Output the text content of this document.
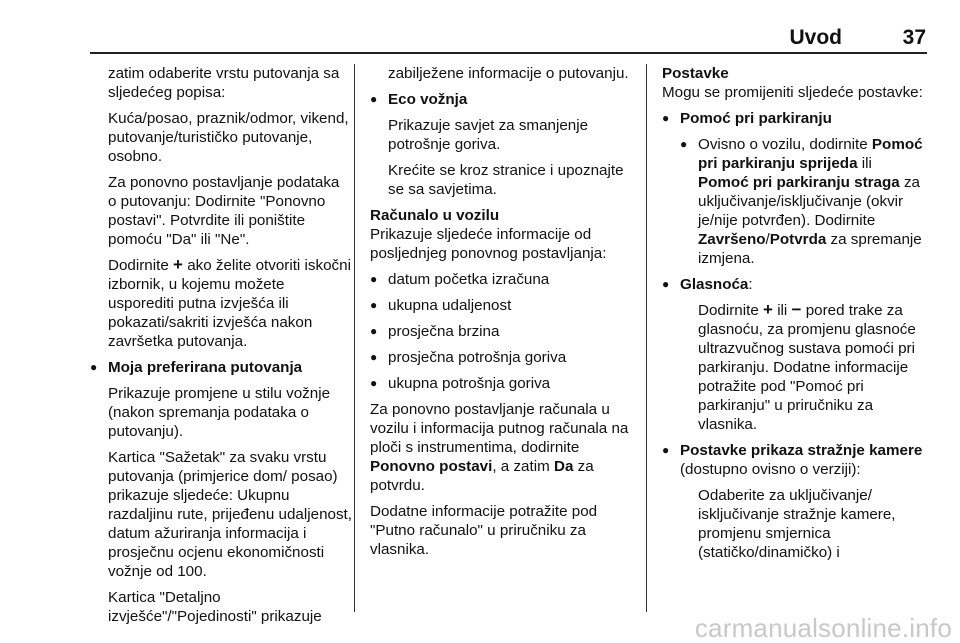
Uvod	37

zatim odaberite vrstu putovanja sa sljedećeg popisa:

Kuća/posao, praznik/odmor, vikend, putovanje/turističko putovanje, osobno.

Za ponovno postavljanje podataka o putovanju: Dodirnite "Ponovno postavi". Potvrdite ili poništite pomoću "Da" ili "Ne".

Dodirnite + ako želite otvoriti iskočni izbornik, u kojemu možete usporediti putna izvješća ili pokazati/sakriti izvješća nakon završetka putovanja.

● Moja preferirana putovanja

Prikazuje promjene u stilu vožnje (nakon spremanja podataka o putovanju).

Kartica "Sažetak" za svaku vrstu putovanja (primjerice dom/ posao) prikazuje sljedeće: Ukupnu razdaljinu rute, prijeđenu udaljenost, datum ažuriranja informacija i prosječnu ocjenu ekonomičnosti vožnje od 100.

Kartica "Detaljno izvješće"/"Pojedinosti" prikazuje

zabilježene informacije o putovanju.

● Eco vožnja

Prikazuje savjet za smanjenje potrošnje goriva.

Krećite se kroz stranice i upoznajte se sa savjetima.

Računalo u vozilu

Prikazuje sljedeće informacije od posljednjeg ponovnog postavljanja:

● datum početka izračuna

● ukupna udaljenost

● prosječna brzina

● prosječna potrošnja goriva

● ukupna potrošnja goriva

Za ponovno postavljanje računala u vozilu i informacija putnog računala na ploči s instrumentima, dodirnite Ponovno postavi, a zatim Da za potvrdu.

Dodatne informacije potražite pod "Putno računalo" u priručniku za vlasnika.

Postavke

Mogu se promijeniti sljedeće postavke:

● Pomoć pri parkiranju

● Ovisno o vozilu, dodirnite Pomoć pri parkiranju sprijeda ili Pomoć pri parkiranju straga za uključivanje/isključivanje (okvir je/nije potvrđen). Dodirnite Završeno/Potvrda za spremanje izmjena.

● Glasnoća:

Dodirnite + ili − pored trake za glasnoću, za promjenu glasnoće ultrazvučnog sustava pomoći pri parkiranju. Dodatne informacije potražite pod "Pomoć pri parkiranju" u priručniku za vlasnika.

● Postavke prikaza stražnje kamere (dostupno ovisno o verziji):

Odaberite za uključivanje/ isključivanje stražnje kamere, promjenu smjernica (statičko/dinamičko) i

carmanualsonline.info
